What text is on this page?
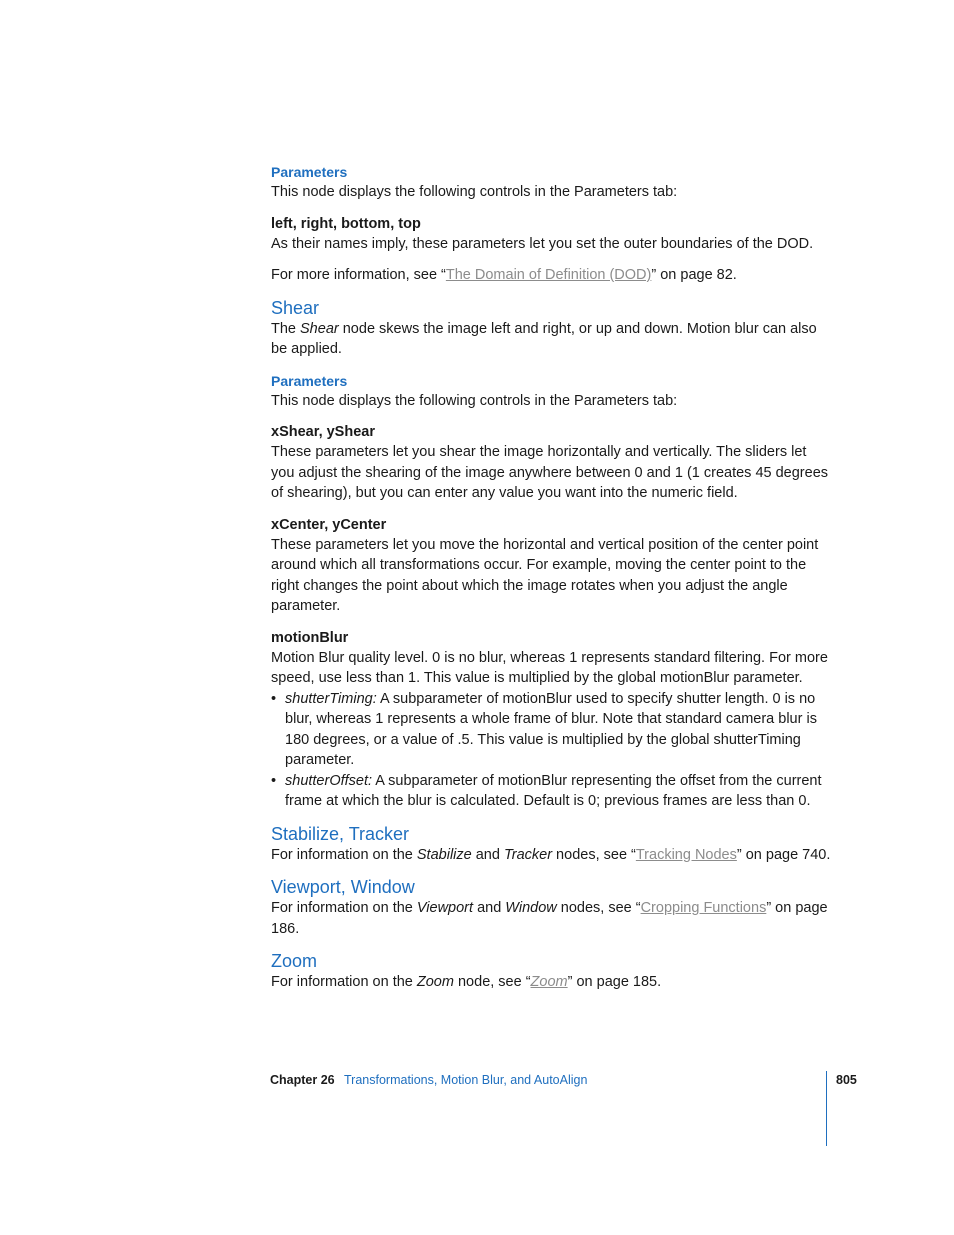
Parameters

This node displays the following controls in the Parameters tab:

left, right, bottom, top

As their names imply, these parameters let you set the outer boundaries of the DOD.

For more information, see “The Domain of Definition (DOD)” on page 82.

Shear

The Shear node skews the image left and right, or up and down. Motion blur can also be applied.

Parameters

This node displays the following controls in the Parameters tab:

xShear, yShear

These parameters let you shear the image horizontally and vertically. The sliders let you adjust the shearing of the image anywhere between 0 and 1 (1 creates 45 degrees of shearing), but you can enter any value you want into the numeric field.

xCenter, yCenter

These parameters let you move the horizontal and vertical position of the center point around which all transformations occur. For example, moving the center point to the right changes the point about which the image rotates when you adjust the angle parameter.

motionBlur

Motion Blur quality level. 0 is no blur, whereas 1 represents standard filtering. For more speed, use less than 1. This value is multiplied by the global motionBlur parameter.

• shutterTiming: A subparameter of motionBlur used to specify shutter length. 0 is no blur, whereas 1 represents a whole frame of blur. Note that standard camera blur is 180 degrees, or a value of .5. This value is multiplied by the global shutterTiming parameter.
• shutterOffset: A subparameter of motionBlur representing the offset from the current frame at which the blur is calculated. Default is 0; previous frames are less than 0.
Stabilize, Tracker

For information on the Stabilize and Tracker nodes, see “Tracking Nodes” on page 740.

Viewport, Window

For information on the Viewport and Window nodes, see “Cropping Functions” on page 186.

Zoom

For information on the Zoom node, see “Zoom” on page 185.

Chapter 26 Transformations, Motion Blur, and AutoAlign	805
